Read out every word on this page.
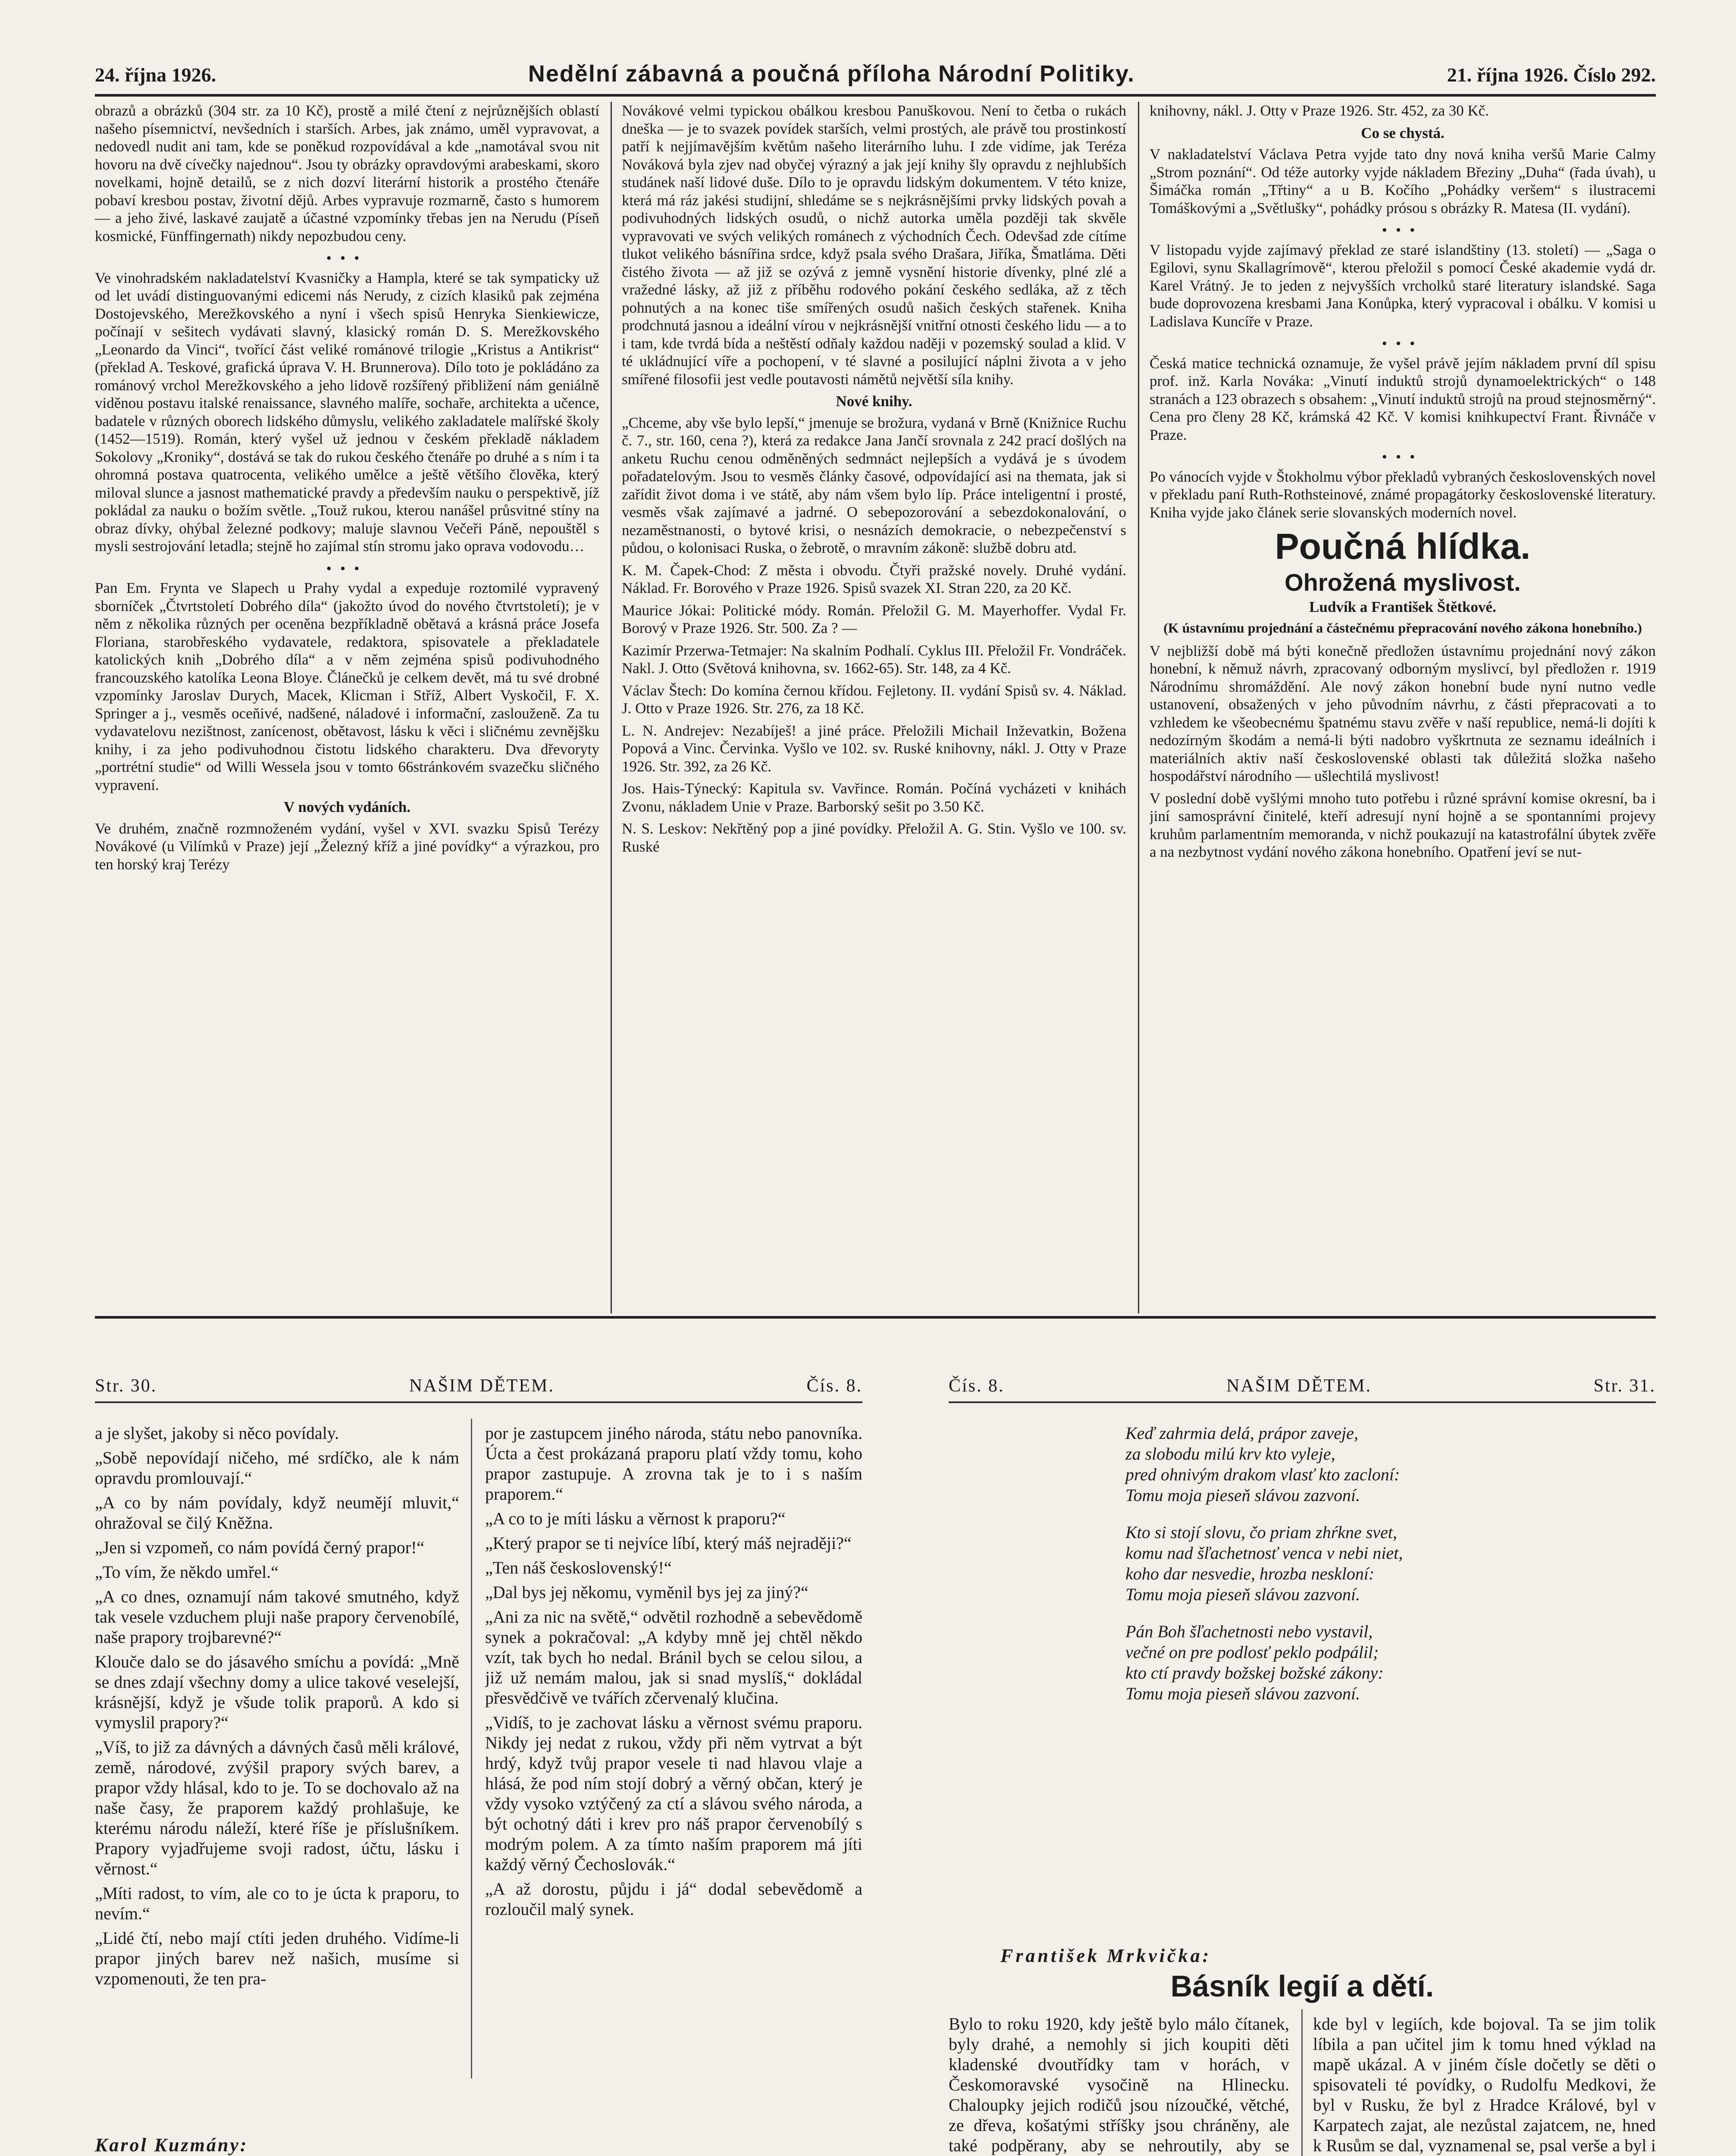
24. října 1926.	Nedělní zábavná a poučná příloha Národní Politiky.	21. října 1926. Číslo 292.

obrazů a obrázků (304 str. za 10 Kč), prostě a milé čtení z nejrůznějších oblastí našeho písemnictví, nevšedních i starších. Arbes, jak známo, uměl vypravovat, a nedovedl nudit ani tam, kde se poněkud rozpovídával a kde „namotával svou nit hovoru na dvě cívečky najednou“. Jsou ty obrázky opravdovými arabeskami, skoro novelkami, hojně detailů, se z nich dozví literární historik a prostého čtenáře pobaví kresbou postav, životní dějů. Arbes vypravuje rozmarně, často s humorem — a jeho živé, laskavé zaujatě a účastné vzpomínky třebas jen na Nerudu (Píseň kosmické, Fünffingernath) nikdy nepozbudou ceny.

•••

Ve vinohradském nakladatelství Kvasničky a Hampla, které se tak sympaticky už od let uvádí distinguovanými edicemi nás Nerudy, z cizích klasiků pak zejména Dostojevského, Merežkovského a nyní i všech spisů Henryka Sienkiewicze, počínají v sešitech vydávati slavný, klasický román D. S. Merežkovského „Leonardo da Vinci“, tvořící část veliké románové trilogie „Kristus a Antikrist“ (překlad A. Teskové, grafická úprava V. H. Brunnerova). Dílo toto je pokládáno za románový vrchol Merežkovského a jeho lidově rozšířený přibližení nám geniálně viděnou postavu italské renaissance, slavného malíře, sochaře, architekta a učence, badatele v různých oborech lidského důmyslu, velikého zakladatele malířské školy (1452—1519). Román, který vyšel už jednou v českém překladě nákladem Sokolovy „Kroniky“, dostává se tak do rukou českého čtenáře po druhé a s ním i ta ohromná postava quatrocenta, velikého umělce a ještě většího člověka, který miloval slunce a jasnost mathematické pravdy a především nauku o perspektivě, jíž pokládal za nauku o božím světle. „Touž rukou, kterou nanášel průsvitné stíny na obraz dívky, ohýbal železné podkovy; maluje slavnou Večeři Páně, nepouštěl s mysli sestrojování letadla; stejně ho zajímal stín stromu jako oprava vodovodu…

•••

Pan Em. Frynta ve Slapech u Prahy vydal a expeduje roztomilé vypravený sborníček „Čtvrtstoletí Dobrého díla“ (jakožto úvod do nového čtvrtstoletí); je v něm z několika různých per oceněna bezpříkladně obětavá a krásná práce Josefa Floriana, starobřeského vydavatele, redaktora, spisovatele a překladatele katolických knih „Dobrého díla“ a v něm zejména spisů podivuhodného francouzského katolíka Leona Bloye. Článečků je celkem devět, má tu své drobné vzpomínky Jaroslav Durych, Macek, Klicman i Stříž, Albert Vyskočil, F. X. Springer a j., vesměs oceňivé, nadšené, náladové i informační, zaslouženě. Za tu vydavatelovu nezištnost, zanícenost, obětavost, lásku k věci i sličnému zevnějšku knihy, i za jeho podivuhodnou čistotu lidského charakteru. Dva dřevoryty „portrétní studie“ od Willi Wessela jsou v tomto 66stránkovém svazečku sličného vypravení.

V nových vydáních.

Ve druhém, značně rozmnoženém vydání, vyšel v XVI. svazku Spisů Terézy Novákové (u Vilímků v Praze) její „Železný kříž a jiné povídky“ a výrazkou, pro ten horský kraj Terézy

Novákové velmi typickou obálkou kresbou Panuškovou. Není to četba o rukách dneška — je to svazek povídek starších, velmi prostých, ale právě tou prostinkostí patří k nejjímavějším květům našeho literárního luhu. I zde vidíme, jak Teréza Nováková byla zjev nad obyčej výrazný a jak její knihy šly opravdu z nejhlubších studánek naší lidové duše. Dílo to je opravdu lidským dokumentem. V této knize, která má ráz jakési studijní, shledáme se s nejkrásnějšími prvky lidských povah a podivuhodných lidských osudů, o nichž autorka uměla později tak skvěle vypravovati ve svých velikých románech z východních Čech. Odevšad zde cítíme tlukot velikého básnířina srdce, když psala svého Drašara, Jiříka, Šmatláma. Děti čistého života — až již se ozývá z jemně vysnění historie dívenky, plné zlé a vražedné lásky, až již z příběhu rodového pokání českého sedláka, až z těch pohnutých a na konec tiše smířených osudů našich českých stařenek. Kniha prodchnutá jasnou a ideální vírou v nejkrásnější vnitřní otnosti českého lidu — a to i tam, kde tvrdá bída a neštěstí odňaly každou naději v pozemský soulad a klid. V té ukládnující víře a pochopení, v té slavné a posilující náplni života a v jeho smířené filosofii jest vedle poutavosti námětů největší síla knihy.

Nové knihy.

„Chceme, aby vše bylo lepší,“ jmenuje se brožura, vydaná v Brně (Knižnice Ruchu č. 7., str. 160, cena ?), která za redakce Jana Jančí srovnala z 242 prací došlých na anketu Ruchu cenou odměněných sedmnáct nejlepších a vydává je s úvodem pořadatelovým. Jsou to vesměs články časové, odpovídající asi na themata, jak si zařídit život doma i ve státě, aby nám všem bylo líp. Práce inteligentní i prosté, vesměs však zajímavé a jadrné. O sebepozorování a sebezdokonalování, o nezaměstnanosti, o bytové krisi, o nesnázích demokracie, o nebezpečenství s půdou, o kolonisaci Ruska, o žebrotě, o mravním zákoně: službě dobru atd.

K. M. Čapek-Chod: Z města i obvodu. Čtyři pražské novely. Druhé vydání. Náklad. Fr. Borového v Praze 1926. Spisů svazek XI. Stran 220, za 20 Kč.

Maurice Jókai: Politické módy. Román. Přeložil G. M. Mayerhoffer. Vydal Fr. Borový v Praze 1926. Str. 500. Za ? —

Kazimír Przerwa-Tetmajer: Na skalním Podhalí. Cyklus III. Přeložil Fr. Vondráček. Nakl. J. Otto (Světová knihovna, sv. 1662-65). Str. 148, za 4 Kč.

Václav Štech: Do komína černou křídou. Fejletony. II. vydání Spisů sv. 4. Náklad. J. Otto v Praze 1926. Str. 276, za 18 Kč.

L. N. Andrejev: Nezabíješ! a jiné práce. Přeložili Michail Inževatkin, Božena Popová a Vinc. Červinka. Vyšlo ve 102. sv. Ruské knihovny, nákl. J. Otty v Praze 1926. Str. 392, za 26 Kč.

Jos. Hais-Týnecký: Kapitula sv. Vavřince. Román. Počíná vycházeti v knihách Zvonu, nákladem Unie v Praze. Barborský sešit po 3.50 Kč.

N. S. Leskov: Nekřtěný pop a jiné povídky. Přeložil A. G. Stin. Vyšlo ve 100. sv. Ruské

knihovny, nákl. J. Otty v Praze 1926. Str. 452, za 30 Kč.

Co se chystá.

V nakladatelství Václava Petra vyjde tato dny nová kniha veršů Marie Calmy „Strom poznání“. Od téže autorky vyjde nákladem Březiny „Duha“ (řada úvah), u Šimáčka román „Třtiny“ a u B. Kočího „Pohádky veršem“ s ilustracemi Tomáškovými a „Světlušky“, pohádky prósou s obrázky R. Matesa (II. vydání).

•••

V listopadu vyjde zajímavý překlad ze staré islandštiny (13. století) — „Saga o Egilovi, synu Skallagrímově“, kterou přeložil s pomocí České akademie vydá dr. Karel Vrátný. Je to jeden z nejvyšších vrcholků staré literatury islandské. Saga bude doprovozena kresbami Jana Konůpka, který vypracoval i obálku. V komisi u Ladislava Kuncíře v Praze.

•••

Česká matice technická oznamuje, že vyšel právě jejím nákladem první díl spisu prof. inž. Karla Nováka: „Vinutí induktů strojů dynamoelektrických“ o 148 stranách a 123 obrazech s obsahem: „Vinutí induktů strojů na proud stejnosměrný“. Cena pro členy 28 Kč, krámská 42 Kč. V komisi knihkupectví Frant. Řivnáče v Praze.

•••

Po vánocích vyjde v Štokholmu výbor překladů vybraných československých novel v překladu paní Ruth-Rothsteinové, známé propagátorky československé literatury. Kniha vyjde jako článek serie slovanských moderních novel.

Poučná hlídka.
Ohrožená myslivost.
Ludvík a František Štětkové.
(K ústavnímu projednání a částečnému přepracování nového zákona honebního.)

V nejbližší době má býti konečně předložen ústavnímu projednání nový zákon honební, k němuž návrh, zpracovaný odborným myslivcí, byl předložen r. 1919 Národnímu shromáždění. Ale nový zákon honební bude nyní nutno vedle ustanovení, obsažených v jeho původním návrhu, z části přepracovati a to vzhledem ke všeobecnému špatnému stavu zvěře v naší republice, nemá-li dojíti k nedozírným škodám a nemá-li býti nadobro vyškrtnuta ze seznamu ideálních i materiálních aktiv naší československé oblasti tak důležitá složka našeho hospodářství národního — ušlechtilá myslivost!

V poslední době vyšlými mnoho tuto potřebu i různé správní komise okresní, ba i jiní samosprávní činitelé, kteří adresují nyní hojně a se spontanními projevy kruhům parlamentním memoranda, v nichž poukazují na katastrofální úbytek zvěře a na nezbytnost vydání nového zákona honebního. Opatření jeví se nut-

Str. 30.	NAŠIM DĚTEM.	Čís. 8.

a je slyšet, jakoby si něco povídaly.

„Sobě nepovídají ničeho, mé srdíčko, ale k nám opravdu promlouvají.“

„A co by nám povídaly, když neumějí mluvit,“ ohražoval se čilý Kněžna.

„Jen si vzpomeň, co nám povídá černý prapor!“

„To vím, že někdo umřel.“

„A co dnes, oznamují nám takové smutného, když tak vesele vzduchem pluji naše prapory červenobílé, naše prapory trojbarevné?“

Klouče dalo se do jásavého smíchu a povídá: „Mně se dnes zdají všechny domy a ulice takové veselejší, krásnější, když je všude tolik praporů. A kdo si vymyslil prapory?“

„Víš, to již za dávných a dávných časů měli králové, země, národové, zvýšil prapory svých barev, a prapor vždy hlásal, kdo to je. To se dochovalo až na naše časy, že praporem každý prohlašuje, ke kterému národu náleží, které říše je příslušníkem. Prapory vyjadřujeme svoji radost, účtu, lásku i věrnost.“

„Míti radost, to vím, ale co to je úcta k praporu, to nevím.“

„Lidé čtí, nebo mají ctíti jeden druhého. Vidíme-li prapor jiných barev než našich, musíme si vzpomenouti, že ten pra-

por je zastupcem jiného národa, státu nebo panovníka. Úcta a čest prokázaná praporu platí vždy tomu, koho prapor zastupuje. A zrovna tak je to i s naším praporem.“

„A co to je míti lásku a věrnost k praporu?“

„Který prapor se ti nejvíce líbí, který máš nejraději?“

„Ten náš československý!“

„Dal bys jej někomu, vyměnil bys jej za jiný?“

„Ani za nic na světě,“ odvětil rozhodně a sebevědomě synek a pokračoval: „A kdyby mně jej chtěl někdo vzít, tak bych ho nedal. Bránil bych se celou silou, a již už nemám malou, jak si snad myslíš,“ dokládal přesvědčivě ve tvářích zčervenalý klučina.

„Vidíš, to je zachovat lásku a věrnost svému praporu. Nikdy jej nedat z rukou, vždy při něm vytrvat a být hrdý, když tvůj prapor vesele ti nad hlavou vlaje a hlásá, že pod ním stojí dobrý a věrný občan, který je vždy vysoko vztýčený za ctí a slávou svého národa, a být ochotný dáti i krev pro náš prapor červenobílý s modrým polem. A za tímto naším praporem má jíti každý věrný Čechoslovák.“

„A až dorostu, půjdu i já“ dodal sebevědomě a rozloučil malý synek.

Karol Kuzmány:
Čís. 8.	NAŠIM DĚTEM.	Str. 31.
Keď zahrmia delá, prápor zaveje,
za slobodu milú krv kto vyleje,
pred ohnivým drakom vlasť kto zacloní:
Tomu moja pieseň slávou zazvoní.
Kto si stojí slovu, čo priam zhŕkne svet,
komu nad šľachetnosť venca v nebi niet,
koho dar nesvedie, hrozba neskloní:
Tomu moja pieseň slávou zazvoní.
Pán Boh šľachetnosti nebo vystavil,
večné on pre podlosť peklo podpálil;
kto ctí pravdy božskej božské zákony:
Tomu moja pieseň slávou zazvoní.
František Mrkvička:
Básník legií a dětí.

Bylo to roku 1920, kdy ještě bylo málo čítanek, byly drahé, a nemohly si jich koupiti děti kladenské dvoutřídky tam v horách, v Českomoravské vysočině na Hlinecku. Chaloupky jejich rodičů jsou nízoučké, větché, ze dřeva, košatými stříšky jsou chráněny, ale také podpěrany, aby se nehroutily, aby se

kde byl v legiích, kde bojoval. Ta se jim tolik líbila a pan učitel jim k tomu hned výklad na mapě ukázal. A v jiném čísle dočetly se děti o spisovateli té povídky, o Rudolfu Medkovi, že byl v Rusku, že byl z Hradce Králové, byl v Karpatech zajat, ale nezůstal zajatcem, ne, hned k Rusům se dal, vyznamenal se, psal verše a byl i
